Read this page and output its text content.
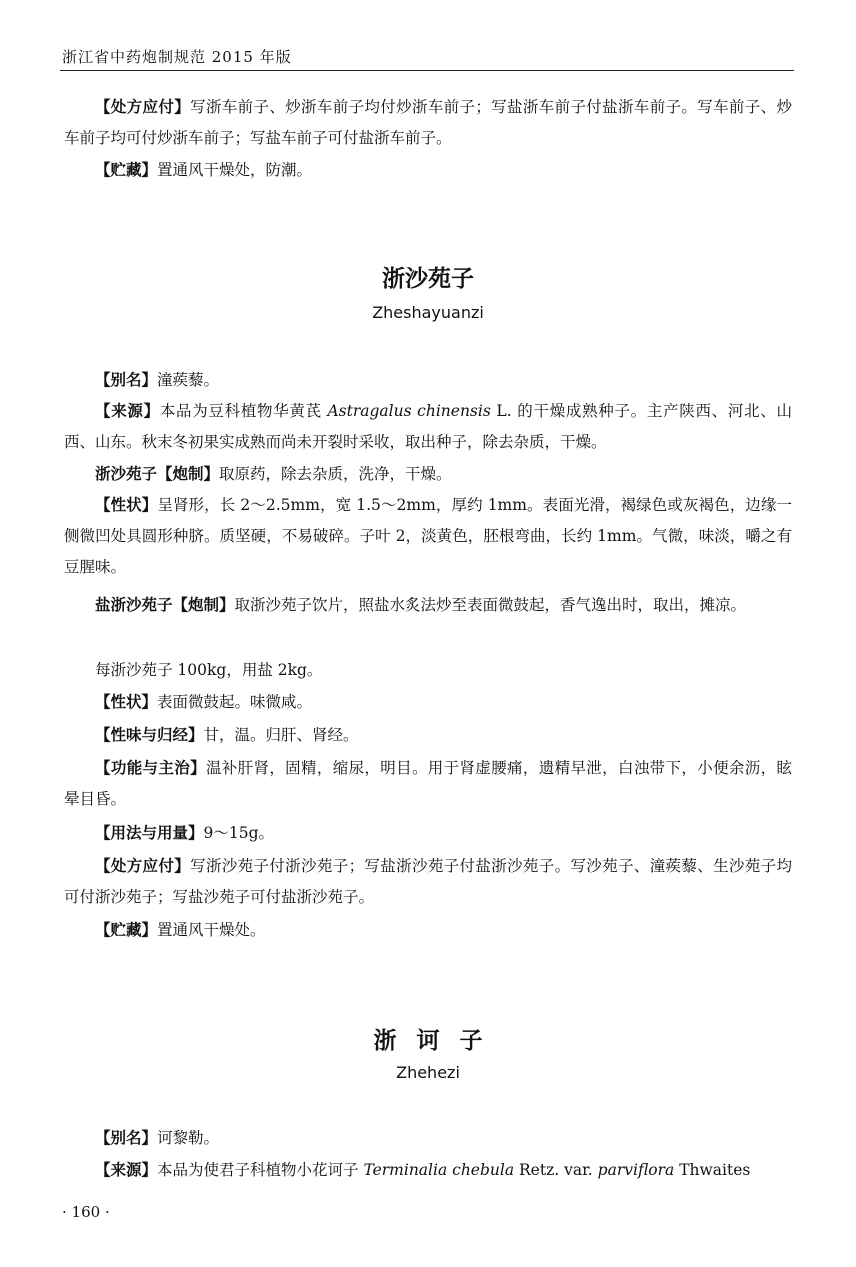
浙江省中药炮制规范 2015 年版
【处方应付】写浙车前子、炒浙车前子均付炒浙车前子；写盐浙车前子付盐浙车前子。写车前子、炒车前子均可付炒浙车前子；写盐车前子可付盐浙车前子。
【贮藏】置通风干燥处，防潮。
浙沙苑子
Zheshayuanzi
【别名】潼蒺藜。
【来源】本品为豆科植物华黄芪 Astragalus chinensis L. 的干燥成熟种子。主产陕西、河北、山西、山东。秋末冬初果实成熟而尚未开裂时采收，取出种子，除去杂质，干燥。
浙沙苑子【炮制】取原药，除去杂质，洗净，干燥。
【性状】呈肾形，长 2～2.5mm，宽 1.5～2mm，厚约 1mm。表面光滑，褐绿色或灰褐色，边缘一侧微凹处具圆形种脐。质坚硬，不易破碎。子叶 2，淡黄色，胚根弯曲，长约 1mm。气微，味淡，嚼之有豆腥味。
盐浙沙苑子【炮制】取浙沙苑子饮片，照盐水炙法炒至表面微鼓起，香气逸出时，取出，摊凉。
每浙沙苑子 100kg，用盐 2kg。
【性状】表面微鼓起。味微咸。
【性味与归经】甘，温。归肝、肾经。
【功能与主治】温补肝肾，固精，缩尿，明目。用于肾虚腰痛，遗精早泄，白浊带下，小便余沥，眩晕目昏。
【用法与用量】9～15g。
【处方应付】写浙沙苑子付浙沙苑子；写盐浙沙苑子付盐浙沙苑子。写沙苑子、潼蒺藜、生沙苑子均可付浙沙苑子；写盐沙苑子可付盐浙沙苑子。
【贮藏】置通风干燥处。
浙诃子
Zhehezi
【别名】诃黎勒。
【来源】本品为使君子科植物小花诃子 Terminalia chebula Retz. var. parviflora Thwaites
· 160 ·
